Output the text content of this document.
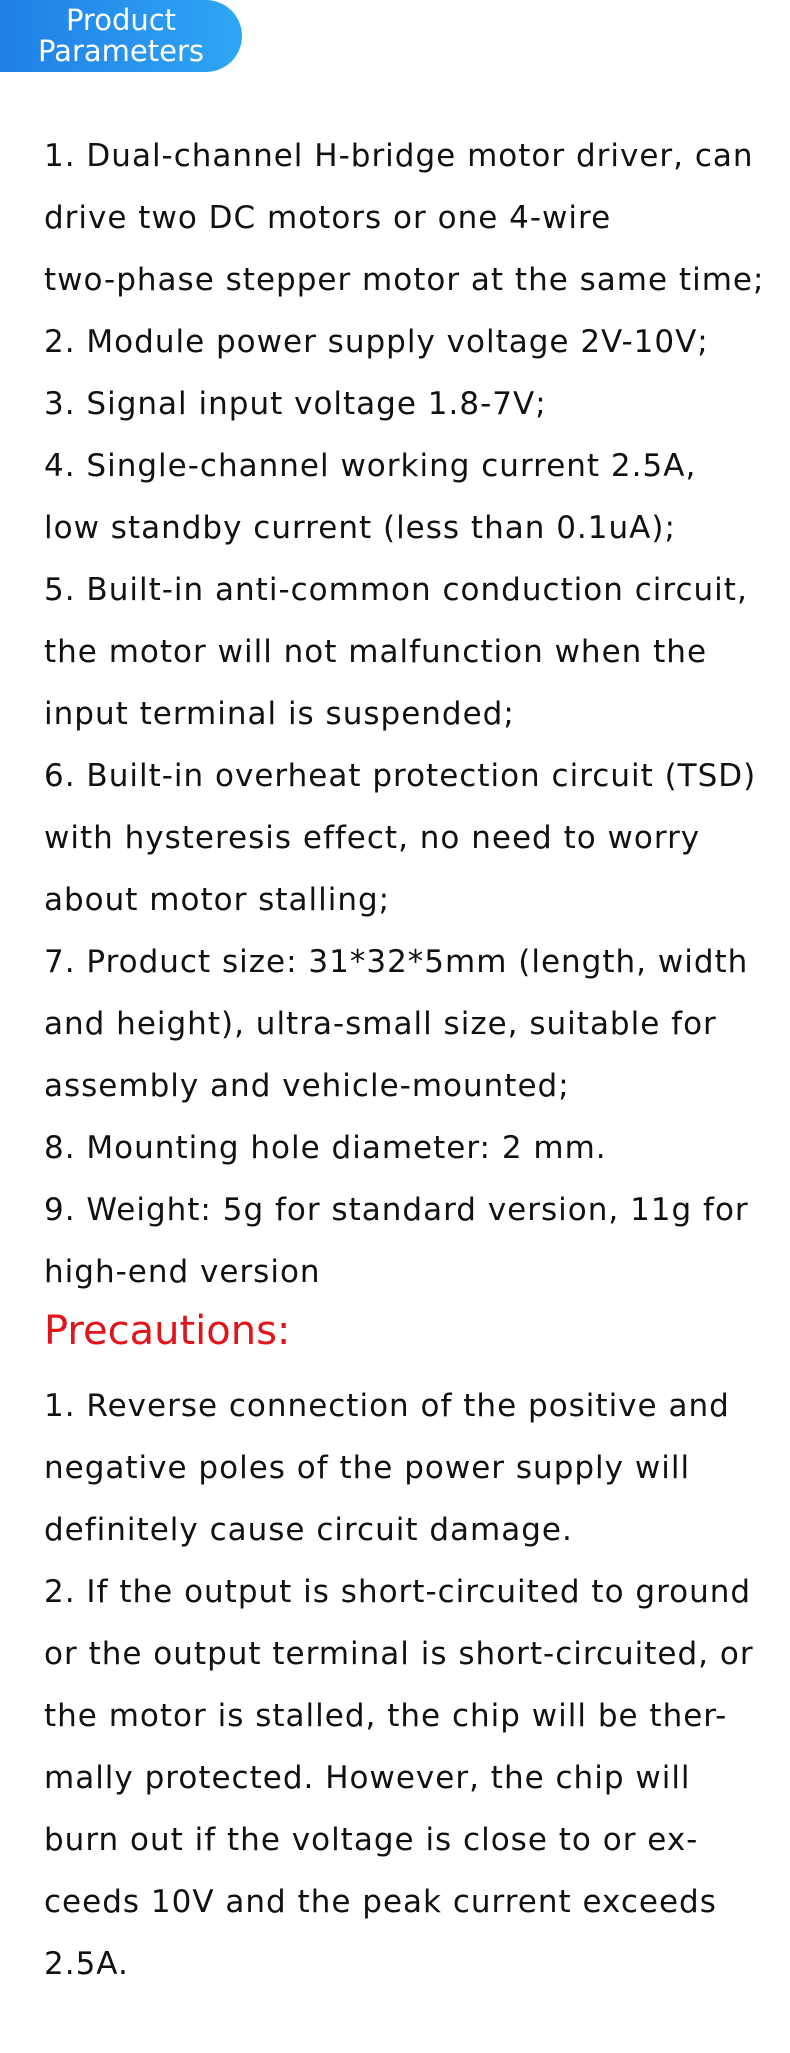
Product
Parameters

1. Dual-channel H-bridge motor driver, can

drive two DC motors or one 4-wire

two-phase stepper motor at the same time;

2. Module power supply voltage 2V-10V;

3. Signal input voltage 1.8-7V;

4. Single-channel working current 2.5A,

low standby current (less than 0.1uA);

5. Built-in anti-common conduction circuit,

the motor will not malfunction when the

input terminal is suspended;

6. Built-in overheat protection circuit (TSD)

with hysteresis effect, no need to worry

about motor stalling;

7. Product size: 31*32*5mm (length, width

and height), ultra-small size, suitable for

assembly and vehicle-mounted;

8. Mounting hole diameter: 2 mm.

9. Weight: 5g for standard version, 11g for

high-end version

Precautions:

1. Reverse connection of the positive and

negative poles of the power supply will

definitely cause circuit damage.

2. If the output is short-circuited to ground

or the output terminal is short-circuited, or

the motor is stalled, the chip will be ther-

mally protected. However, the chip will

burn out if the voltage is close to or ex-

ceeds 10V and the peak current exceeds

2.5A.
